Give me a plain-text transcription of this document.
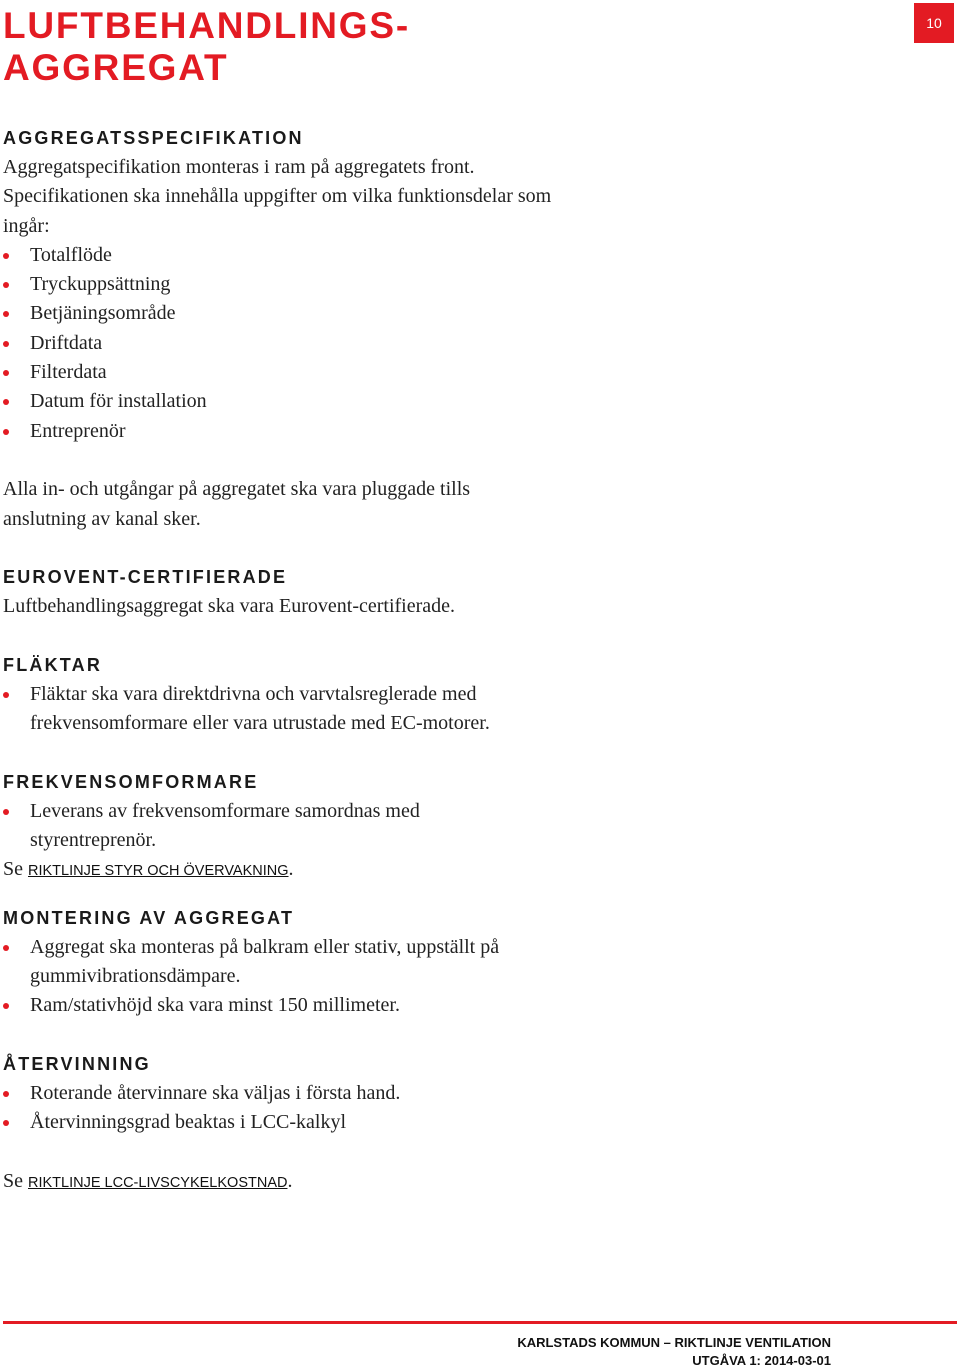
LUFTBEHANDLINGS-
AGGREGAT
10
AGGREGATSSPECIFIKATION

Aggregatspecifikation monteras i ram på aggregatets front. Specifikationen ska innehålla uppgifter om vilka funktionsdelar som ingår:

Totalflöde
Tryckuppsättning
Betjäningsområde
Driftdata
Filterdata
Datum för installation
Entreprenör

Alla in- och utgångar på aggregatet ska vara pluggade tills anslutning av kanal sker.

EUROVENT-CERTIFIERADE

Luftbehandlingsaggregat ska vara Eurovent-certifierade.

FLÄKTAR
Fläktar ska vara direktdrivna och varvtalsreglerade med frekvensomformare eller vara utrustade med EC-motorer.
FREKVENSOMFORMARE
Leverans av frekvensomformare samordnas med styrentreprenör.

Se RIKTLINJE STYR OCH ÖVERVAKNING.

MONTERING AV AGGREGAT
Aggregat ska monteras på balkram eller stativ, uppställt på gummivibrationsdämpare.
Ram/stativhöjd ska vara minst 150 millimeter.
ÅTERVINNING
Roterande återvinnare ska väljas i första hand.
Återvinningsgrad beaktas i LCC-kalkyl

Se RIKTLINJE LCC-LIVSCYKELKOSTNAD.

KARLSTADS KOMMUN – RIKTLINJE VENTILATION
UTGÅVA 1: 2014-03-01
